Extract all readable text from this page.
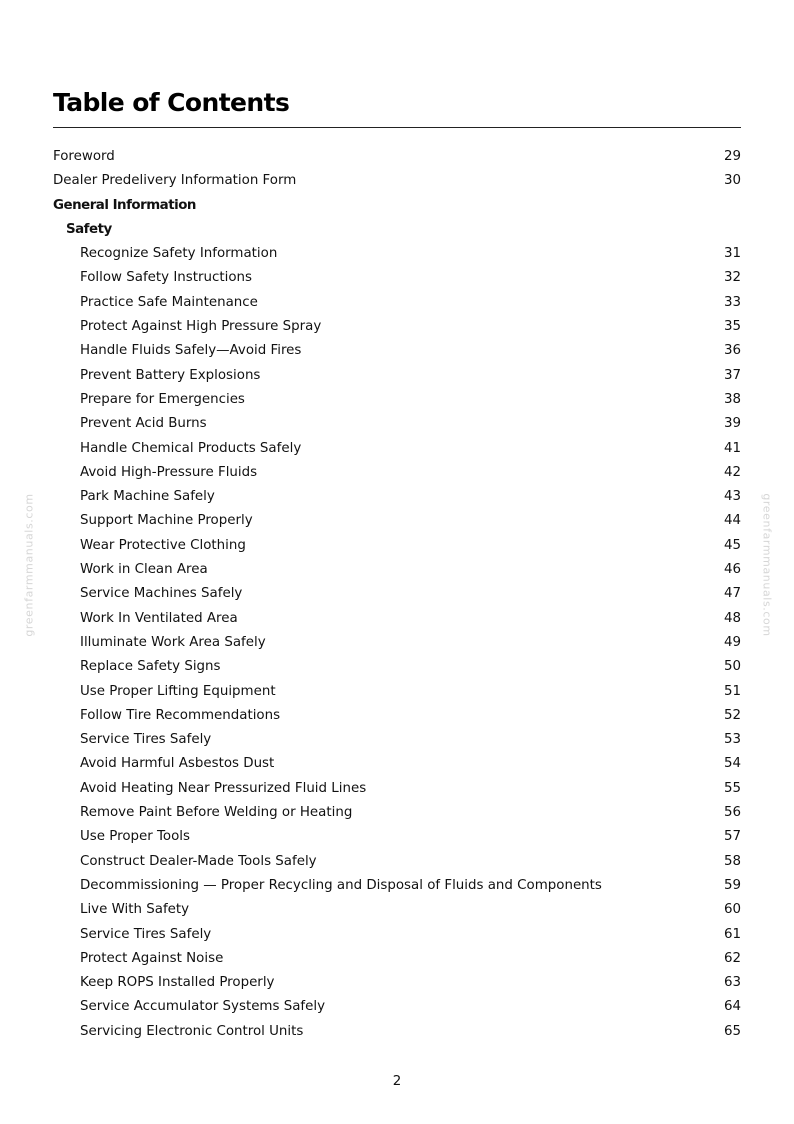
Table of Contents
Foreword	29
Dealer Predelivery Information Form	30
General Information
Safety
Recognize Safety Information	31
Follow Safety Instructions	32
Practice Safe Maintenance	33
Protect Against High Pressure Spray	35
Handle Fluids Safely—Avoid Fires	36
Prevent Battery Explosions	37
Prepare for Emergencies	38
Prevent Acid Burns	39
Handle Chemical Products Safely	41
Avoid High-Pressure Fluids	42
Park Machine Safely	43
Support Machine Properly	44
Wear Protective Clothing	45
Work in Clean Area	46
Service Machines Safely	47
Work In Ventilated Area	48
Illuminate Work Area Safely	49
Replace Safety Signs	50
Use Proper Lifting Equipment	51
Follow Tire Recommendations	52
Service Tires Safely	53
Avoid Harmful Asbestos Dust	54
Avoid Heating Near Pressurized Fluid Lines	55
Remove Paint Before Welding or Heating	56
Use Proper Tools	57
Construct Dealer-Made Tools Safely	58
Decommissioning — Proper Recycling and Disposal of Fluids and Components	59
Live With Safety	60
Service Tires Safely	61
Protect Against Noise	62
Keep ROPS Installed Properly	63
Service Accumulator Systems Safely	64
Servicing Electronic Control Units	65
greenfarmmanuals.com	greenfarmmanuals.com
2
